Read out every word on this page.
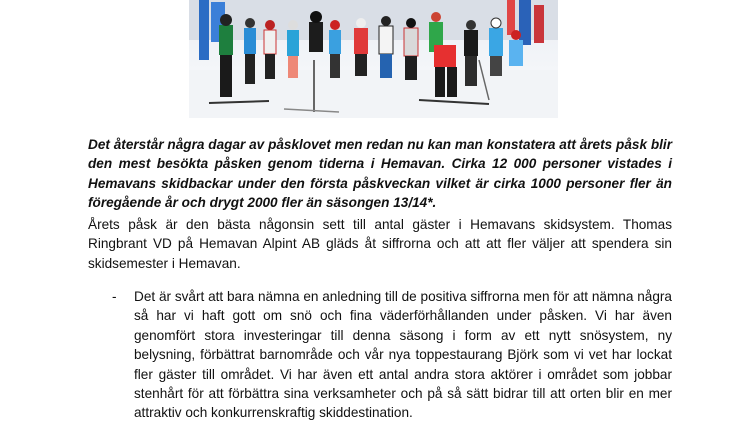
Det återstår några dagar av påsklovet men redan nu kan man konstatera att årets påsk blir den mest besökta påsken genom tiderna i Hemavan. Cirka 12 000 personer vistades i Hemavans skidbackar under den första påskveckan vilket är cirka 1000 personer fler än föregående år och drygt 2000 fler än säsongen 13/14*.

Årets påsk är den bästa någonsin sett till antal gäster i Hemavans skidsystem. Thomas Ringbrant VD på Hemavan Alpint AB gläds åt siffrorna och att att fler väljer att spendera sin skidsemester i Hemavan.

-	Det är svårt att bara nämna en anledning till de positiva siffrorna men för att nämna några så har vi haft gott om snö och fina väderförhållanden under påsken. Vi har även genomfört stora investeringar till denna säsong i form av ett nytt snösystem, ny belysning, förbättrat barnområde och vår nya toppestaurang Björk som vi vet har lockat fler gäster till området. Vi har även ett antal andra stora aktörer i området som jobbar stenhårt för att förbättra sina verksamheter och på så sätt bidrar till att orten blir en mer attraktiv och konkurrenskraftig skiddestination.
